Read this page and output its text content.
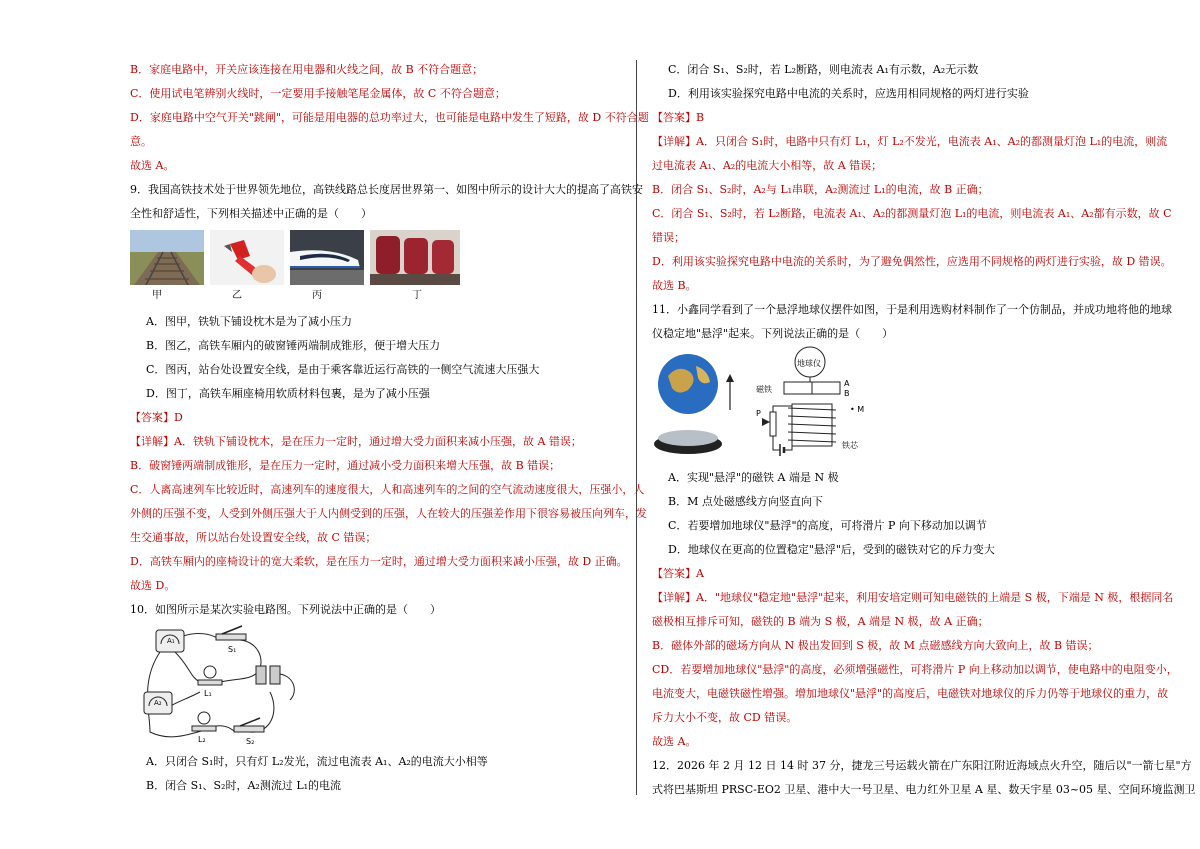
B．家庭电路中，开关应该连接在用电器和火线之间，故 B 不符合题意；

C．使用试电笔辨别火线时，一定要用手接触笔尾金属体，故 C 不符合题意；

D．家庭电路中空气开关"跳闸"，可能是用电器的总功率过大，也可能是电路中发生了短路，故 D 不符合题

意。

故选 A。

9．我国高铁技术处于世界领先地位，高铁线路总长度居世界第一、如图中所示的设计大大的提高了高铁安

全性和舒适性，下列相关描述中正确的是（　　）

甲	乙	丙	丁

A．图甲，铁轨下铺设枕木是为了减小压力

B．图乙，高铁车厢内的破窗锤两端制成锥形，便于增大压力

C．图丙，站台处设置安全线，是由于乘客靠近运行高铁的一侧空气流速大压强大

D．图丁，高铁车厢座椅用软质材料包裹，是为了减小压强

【答案】D

【详解】A．铁轨下铺设枕木，是在压力一定时，通过增大受力面积来减小压强，故 A 错误；

B．破窗锤两端制成锥形，是在压力一定时，通过减小受力面积来增大压强，故 B 错误；

C．人离高速列车比较近时，高速列车的速度很大，人和高速列车的之间的空气流动速度很大，压强小，人

外侧的压强不变，人受到外侧压强大于人内侧受到的压强，人在较大的压强差作用下很容易被压向列车，发

生交通事故，所以站台处设置安全线，故 C 错误；

D．高铁车厢内的座椅设计的宽大柔软，是在压力一定时，通过增大受力面积来减小压强，故 D 正确。

故选 D。

10．如图所示是某次实验电路图。下列说法中正确的是（　　）

A₁
A₂
S₁
L₁
L₂	S₂

A．只闭合 S₁时，只有灯 L₂发光，流过电流表 A₁、A₂的电流大小相等

B．闭合 S₁、S₂时，A₂测流过 L₁的电流

C．闭合 S₁、S₂时，若 L₂断路，则电流表 A₁有示数，A₂无示数

D．利用该实验探究电路中电流的关系时，应选用相同规格的两灯进行实验

【答案】B

【详解】A．只闭合 S₁时，电路中只有灯 L₁，灯 L₂不发光，电流表 A₁、A₂的都测量灯泡 L₁的电流，则流

过电流表 A₁、A₂的电流大小相等，故 A 错误；

B．闭合 S₁、S₂时，A₂与 L₁串联，A₂测流过 L₁的电流，故 B 正确；

C．闭合 S₁、S₂时，若 L₂断路，电流表 A₁、A₂的都测量灯泡 L₁的电流，则电流表 A₁、A₂都有示数，故 C

错误；

D．利用该实验探究电路中电流的关系时，为了避免偶然性，应选用不同规格的两灯进行实验，故 D 错误。

故选 B。

11．小鑫同学看到了一个悬浮地球仪摆件如图，于是利用选购材料制作了一个仿制品，并成功地将他的地球

仪稳定地"悬浮"起来。下列说法正确的是（　　）

地球仪
磁铁
A
B
• M
铁芯
P

A．实现"悬浮"的磁铁 A 端是 N 极

B．M 点处磁感线方向竖直向下

C．若要增加地球仪"悬浮"的高度，可将滑片 P 向下移动加以调节

D．地球仪在更高的位置稳定"悬浮"后，受到的磁铁对它的斥力变大

【答案】A

【详解】A．"地球仪"稳定地"悬浮"起来，利用安培定则可知电磁铁的上端是 S 极，下端是 N 极，根据同名

磁极相互排斥可知，磁铁的 B 端为 S 极，A 端是 N 极，故 A 正确；

B．磁体外部的磁场方向从 N 极出发回到 S 极，故 M 点磁感线方向大致向上，故 B 错误；

CD．若要增加地球仪"悬浮"的高度，必须增强磁性，可将滑片 P 向上移动加以调节，使电路中的电阻变小，

电流变大，电磁铁磁性增强。增加地球仪"悬浮"的高度后，电磁铁对地球仪的斥力仍等于地球仪的重力，故

斥力大小不变，故 CD 错误。

故选 A。

12．2026 年 2 月 12 日 14 时 37 分，捷龙三号运载火箭在广东阳江附近海域点火升空，随后以"一箭七星"方

式将巴基斯坦 PRSC-EO2 卫星、港中大一号卫星、电力红外卫星 A 星、数天宇星 03~05 星、空间环境监测卫
